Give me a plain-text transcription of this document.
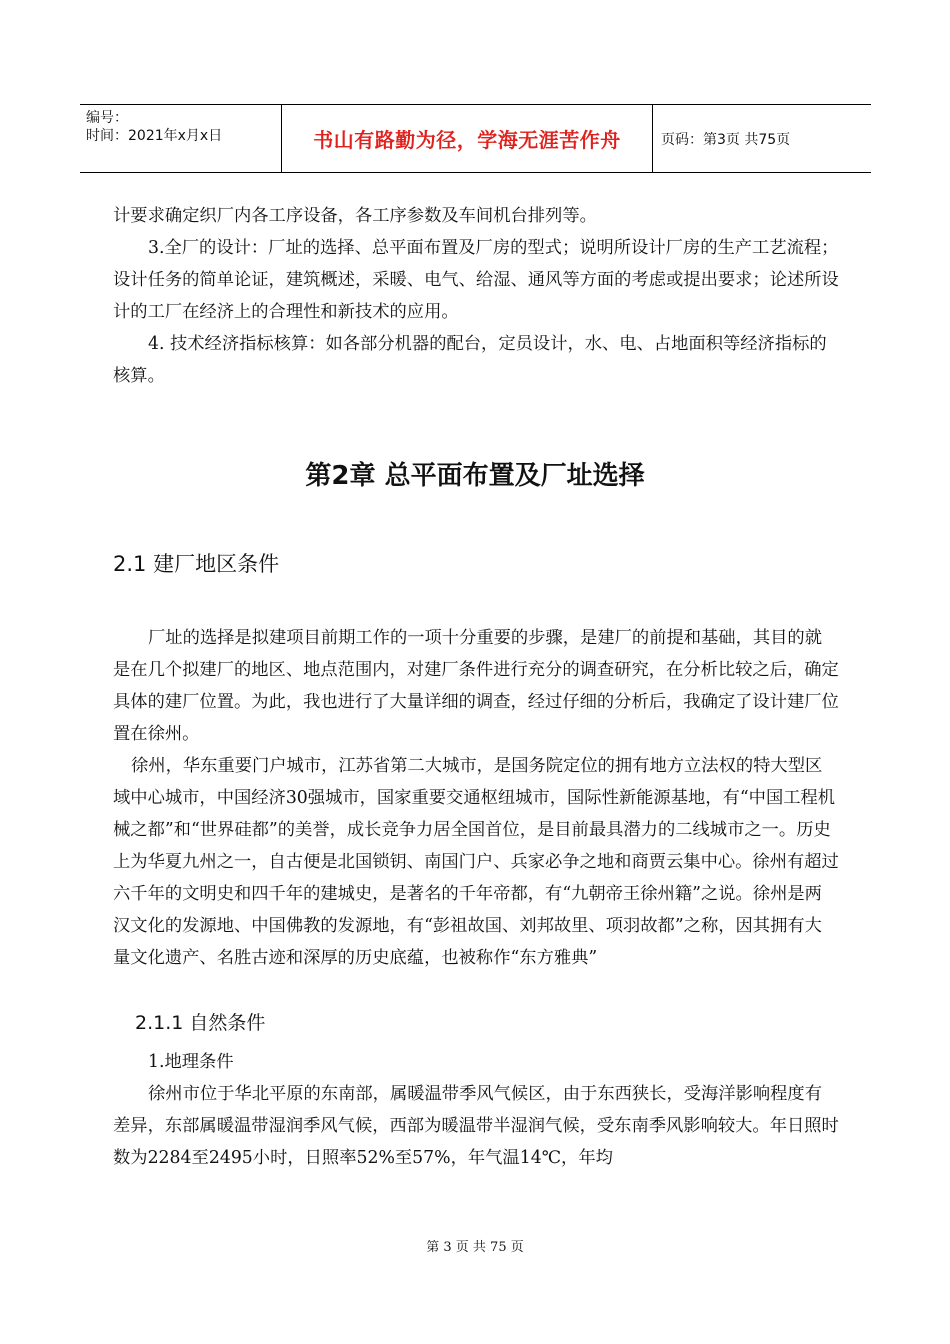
编号：
时间：2021年x月x日	书山有路勤为径，学海无涯苦作舟	页码：第3页 共75页

计要求确定织厂内各工序设备，各工序参数及车间机台排列等。

3.全厂的设计：厂址的选择、总平面布置及厂房的型式；说明所设计厂房的生产工艺流程；设计任务的简单论证，建筑概述，采暖、电气、给湿、通风等方面的考虑或提出要求；论述所设计的工厂在经济上的合理性和新技术的应用。

4. 技术经济指标核算：如各部分机器的配台，定员设计，水、电、占地面积等经济指标的核算。

第2章 总平面布置及厂址选择
2.1 建厂地区条件

厂址的选择是拟建项目前期工作的一项十分重要的步骤，是建厂的前提和基础，其目的就是在几个拟建厂的地区、地点范围内，对建厂条件进行充分的调查研究，在分析比较之后，确定具体的建厂位置。为此，我也进行了大量详细的调查，经过仔细的分析后，我确定了设计建厂位置在徐州。

徐州，华东重要门户城市，江苏省第二大城市，是国务院定位的拥有地方立法权的特大型区域中心城市，中国经济30强城市，国家重要交通枢纽城市，国际性新能源基地，有“中国工程机械之都”和“世界硅都”的美誉，成长竞争力居全国首位，是目前最具潜力的二线城市之一。历史上为华夏九州之一，自古便是北国锁钥、南国门户、兵家必争之地和商贾云集中心。徐州有超过六千年的文明史和四千年的建城史，是著名的千年帝都，有“九朝帝王徐州籍”之说。徐州是两汉文化的发源地、中国佛教的发源地，有“彭祖故国、刘邦故里、项羽故都”之称，因其拥有大量文化遗产、名胜古迹和深厚的历史底蕴，也被称作“东方雅典”

2.1.1 自然条件

1.地理条件

徐州市位于华北平原的东南部，属暖温带季风气候区，由于东西狭长，受海洋影响程度有差异，东部属暖温带湿润季风气候，西部为暖温带半湿润气候，受东南季风影响较大。年日照时数为2284至2495小时，日照率52%至57%，年气温14℃，年均

第 3 页 共 75 页
